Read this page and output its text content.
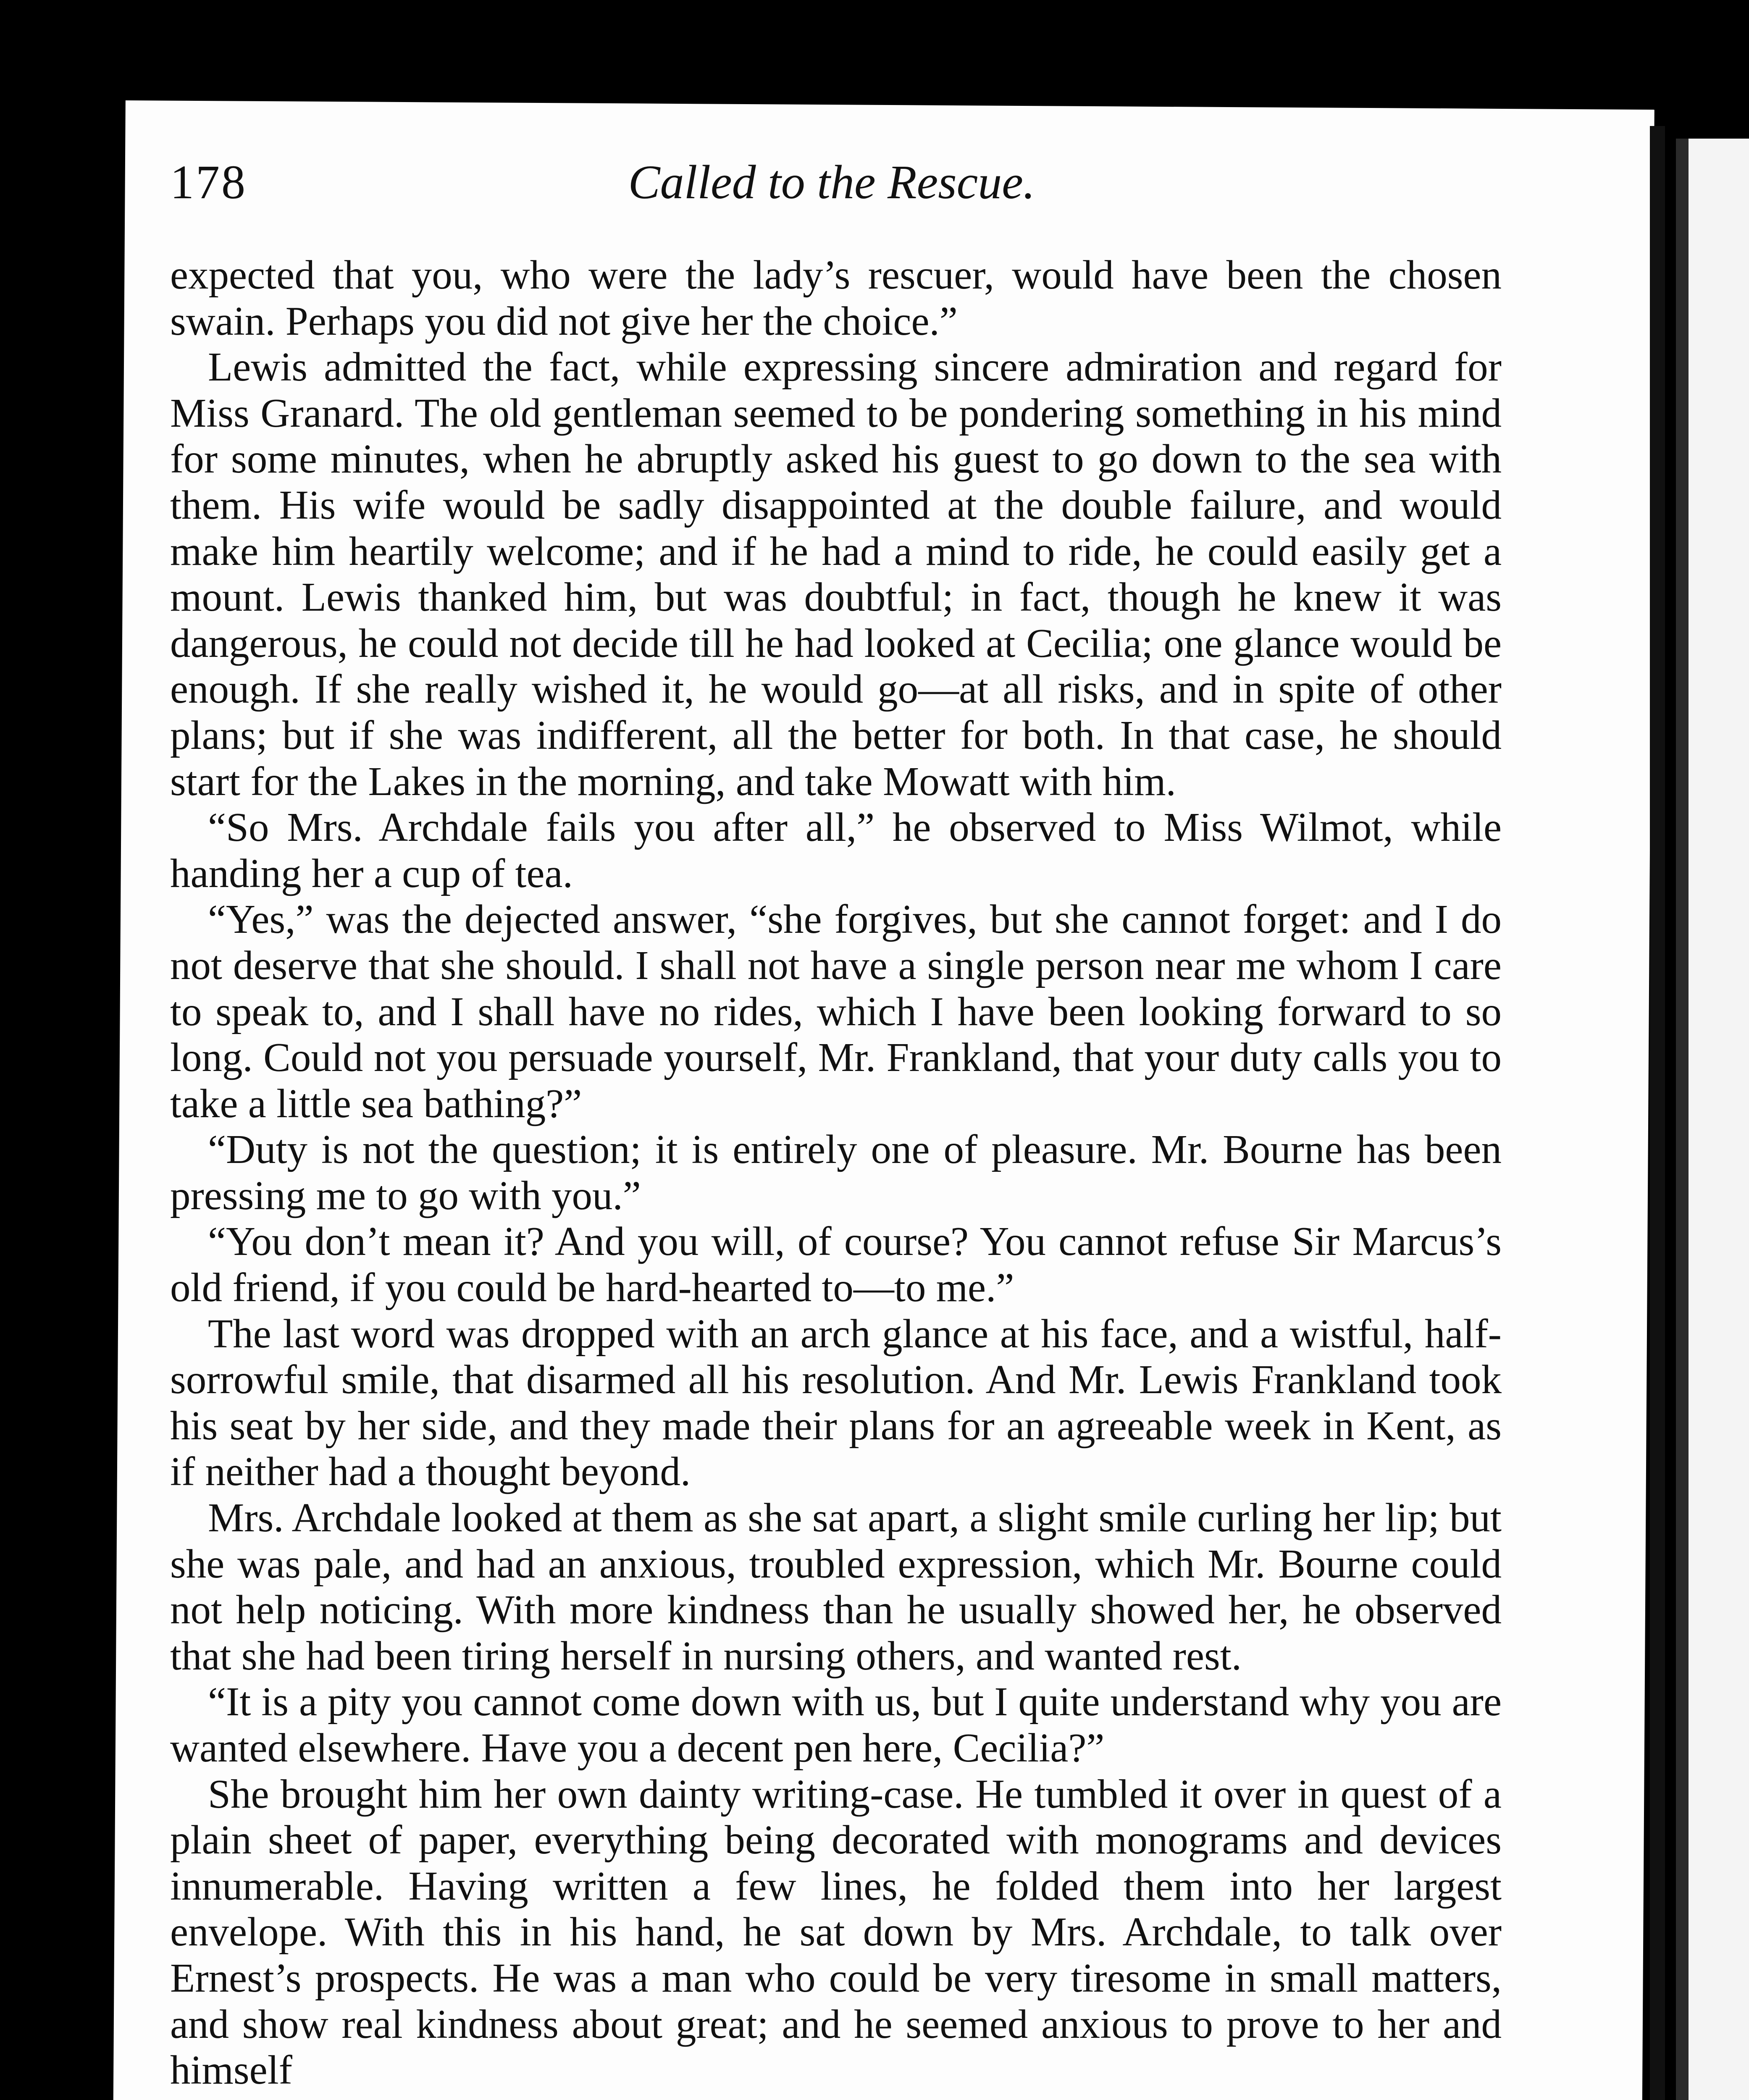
178	Called to the Rescue.

expected that you, who were the lady’s rescuer, would have been the chosen swain. Perhaps you did not give her the choice.”

Lewis admitted the fact, while expressing sincere admiration and regard for Miss Granard. The old gentleman seemed to be pondering something in his mind for some minutes, when he abruptly asked his guest to go down to the sea with them. His wife would be sadly disappointed at the double failure, and would make him heartily welcome; and if he had a mind to ride, he could easily get a mount. Lewis thanked him, but was doubtful; in fact, though he knew it was dangerous, he could not decide till he had looked at Cecilia; one glance would be enough. If she really wished it, he would go—at all risks, and in spite of other plans; but if she was indifferent, all the better for both. In that case, he should start for the Lakes in the morning, and take Mowatt with him.

“So Mrs. Archdale fails you after all,” he observed to Miss Wilmot, while handing her a cup of tea.

“Yes,” was the dejected answer, “she forgives, but she cannot forget: and I do not deserve that she should. I shall not have a single person near me whom I care to speak to, and I shall have no rides, which I have been looking forward to so long. Could not you persuade yourself, Mr. Frankland, that your duty calls you to take a little sea bathing?”

“Duty is not the question; it is entirely one of pleasure. Mr. Bourne has been pressing me to go with you.”

“You don’t mean it? And you will, of course? You cannot refuse Sir Marcus’s old friend, if you could be hard-hearted to—to me.”

The last word was dropped with an arch glance at his face, and a wistful, half-sorrowful smile, that disarmed all his resolution. And Mr. Lewis Frankland took his seat by her side, and they made their plans for an agreeable week in Kent, as if neither had a thought beyond.

Mrs. Archdale looked at them as she sat apart, a slight smile curling her lip; but she was pale, and had an anxious, troubled expression, which Mr. Bourne could not help noticing. With more kindness than he usually showed her, he observed that she had been tiring herself in nursing others, and wanted rest.

“It is a pity you cannot come down with us, but I quite understand why you are wanted elsewhere. Have you a decent pen here, Cecilia?”

She brought him her own dainty writing-case. He tumbled it over in quest of a plain sheet of paper, everything being decorated with monograms and devices innumerable. Having written a few lines, he folded them into her largest envelope. With this in his hand, he sat down by Mrs. Archdale, to talk over Ernest’s prospects. He was a man who could be very tiresome in small matters, and show real kindness about great; and he seemed anxious to prove to her and himself
